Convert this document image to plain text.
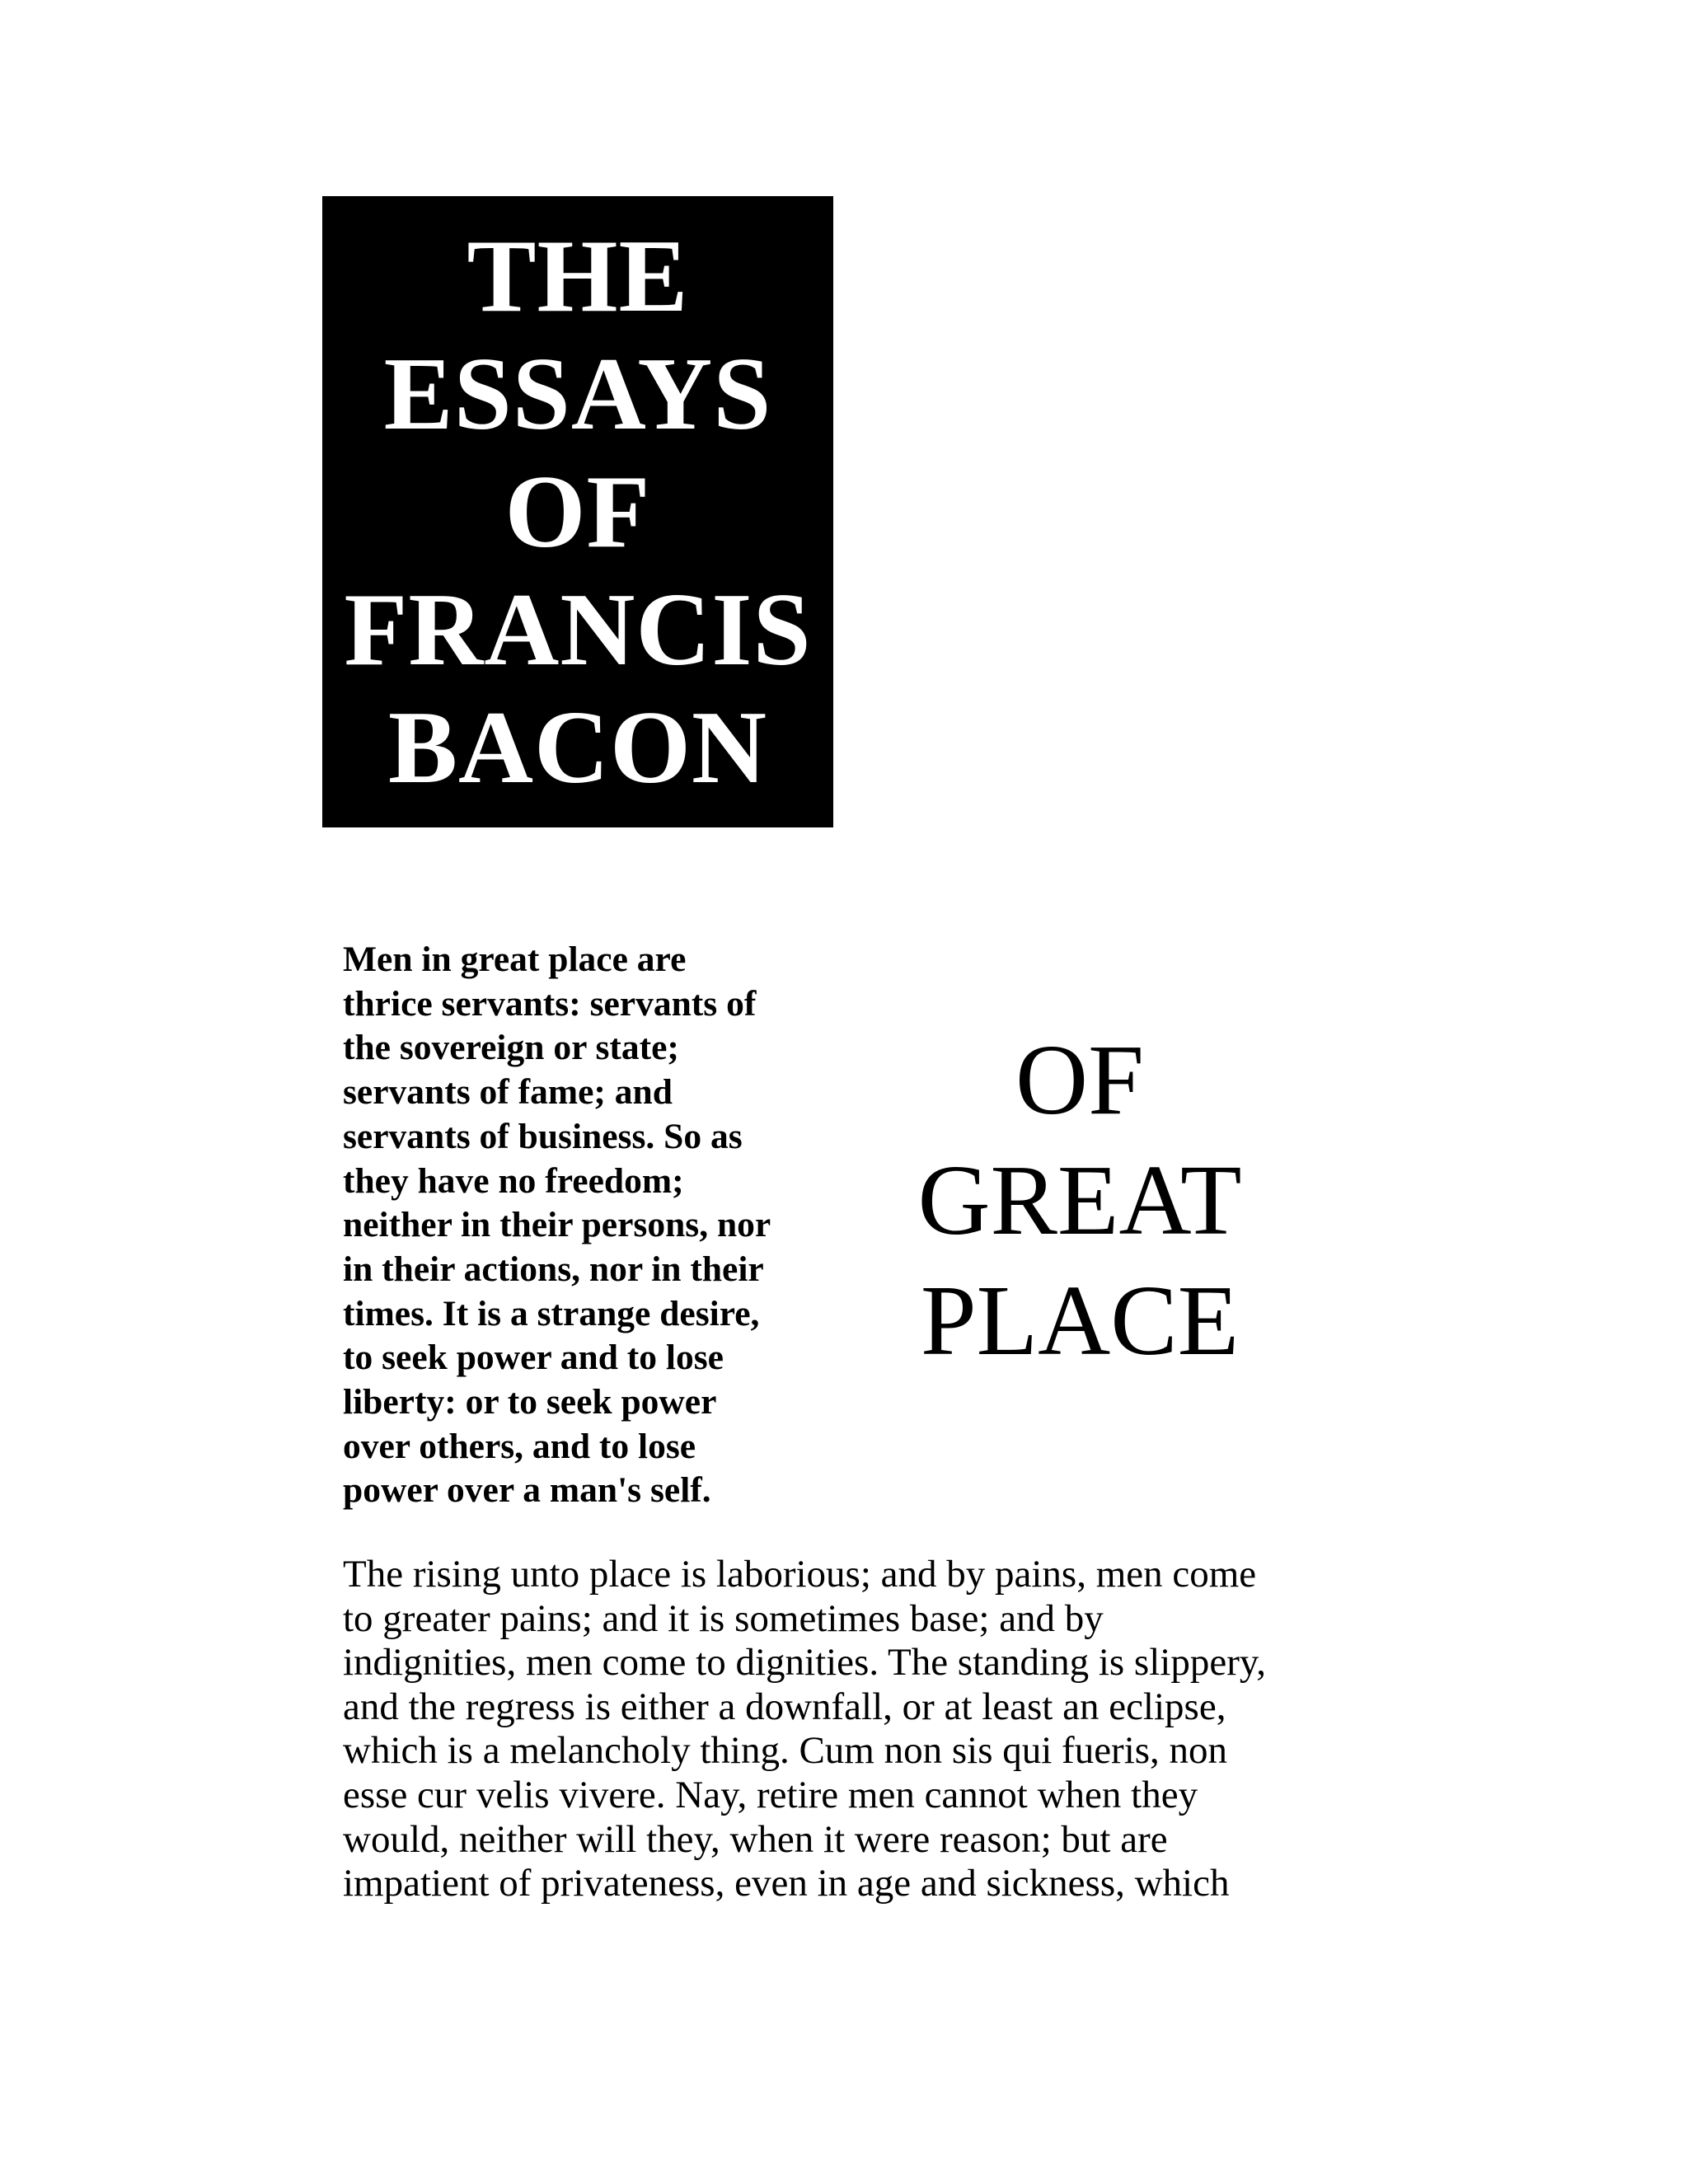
THE
ESSAYS
OF
FRANCIS
BACON
Men in great place are
thrice servants: servants of
the sovereign or state;
servants of fame; and
servants of business. So as
they have no freedom;
neither in their persons, nor
in their actions, nor in their
times. It is a strange desire,
to seek power and to lose
liberty: or to seek power
over others, and to lose
power over a man's self.
OF
GREAT
PLACE
The rising unto place is laborious; and by pains, men come
to greater pains; and it is sometimes base; and by
indignities, men come to dignities. The standing is slippery,
and the regress is either a downfall, or at least an eclipse,
which is a melancholy thing. Cum non sis qui fueris, non
esse cur velis vivere. Nay, retire men cannot when they
would, neither will they, when it were reason; but are
impatient of privateness, even in age and sickness, which
